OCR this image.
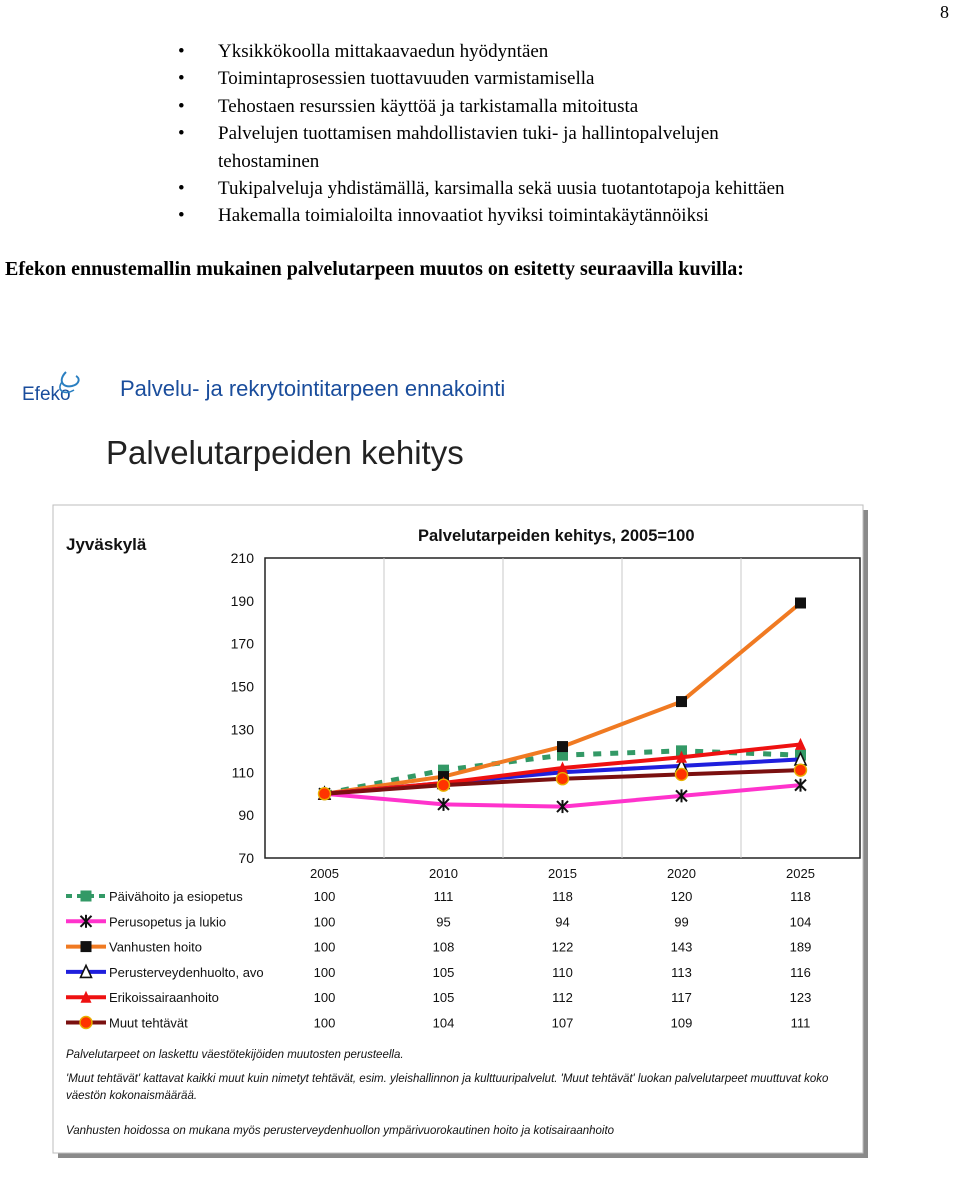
8
• Yksikkökoolla mittakaavaedun hyödyntäen
• Toimintaprosessien tuottavuuden varmistamisella
• Tehostaen resurssien käyttöä ja tarkistamalla mitoitusta
• Palvelujen tuottamisen mahdollistavien tuki- ja hallintopalvelujen
tehostaminen
• Tukipalveluja yhdistämällä, karsimalla sekä uusia tuotantotapoja kehittäen
• Hakemalla toimialoilta innovaatiot hyviksi toimintakäytännöiksi
Efekon ennustemallin mukainen palvelutarpeen muutos on esitetty seuraavilla kuvilla:
Efeko Palvelu- ja rekrytointitarpeen ennakointi
Palvelutarpeiden kehitys
Jyväskylä	Palvelutarpeiden kehitys, 2005=100
210
190
170
150
130
110
90
70
2005	2010	2015	2020	2025
Päivähoito ja esiopetus	100	111	118	120	118
Perusopetus ja lukio	100	95	94	99	104
Vanhusten hoito	100	108	122	143	189
Perusterveydenhuolto, avo	100	105	110	113	116
Erikoissairaanhoito	100	105	112	117	123
Muut tehtävät	100	104	107	109	111
Palvelutarpeet on laskettu väestötekijöiden muutosten perusteella.
'Muut tehtävät' kattavat kaikki muut kuin nimetyt tehtävät, esim. yleishallinnon ja kulttuuripalvelut. 'Muut tehtävät' luokan palvelutarpeet muuttuvat koko
väestön kokonaismäärää.
Vanhusten hoidossa on mukana myös perusterveydenhuollon ympärivuorokautinen hoito ja kotisairaanhoito
